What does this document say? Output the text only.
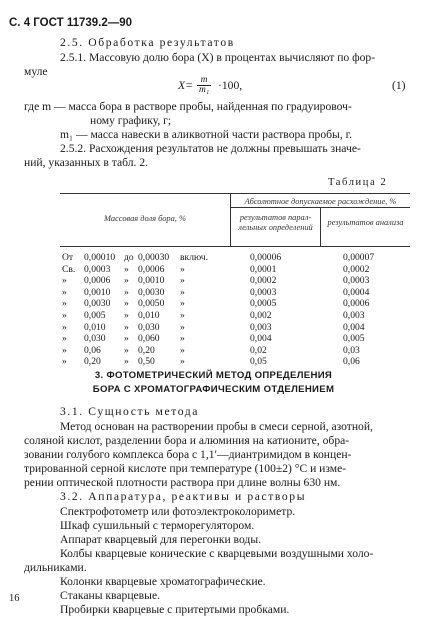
С. 4 ГОСТ 11739.2—90
2.5. Обработка результатов
2.5.1. Массовую долю бора (X) в процентах вычисляют по фор-
муле
$X= \frac{m}{\text{m₁}} \cdot 100$,	(1)
где m — масса бора в растворе пробы, найденная по градуировоч-
ному графику, г;
m₁ — масса навески в аликвотной части раствора пробы, г.
2.5.2. Расхождения результатов не должны превышать значе-
ний, указанных в табл. 2.
Таблица 2
Массовая доля бора, %
Абсолютное допускаемое расхождение, %
результатов парал-
лельных определений
результатов анализа
От 0,00010 до 0,00030 включ.	0,00006	0,00007
Св. 0,0003 » 0,0006 »	0,0001	0,0002
» 0,0006 » 0,0010 »	0,0002	0,0003
» 0,0010 » 0,0030 »	0,0003	0,0004
» 0,0030 » 0,0050 »	0,0005	0,0006
» 0,005 » 0,010 »	0,002	0,003
» 0,010 » 0,030 »	0,003	0,004
» 0,030 » 0,060 »	0,004	0,005
» 0,06 » 0,20	»	0,02	0,03
» 0,20 » 0,50	»	0,05	0,06
3. ФОТОМЕТРИЧЕСКИЙ МЕТОД ОПРЕДЕЛЕНИЯ
БОРА С ХРОМАТОГРАФИЧЕСКИМ ОТДЕЛЕНИЕМ
3.1. Сущность метода
Метод основан на растворении пробы в смеси серной, азотной,
соляной кислот, разделении бора и алюминия на катионите, обра-
зовании голубого комплекса бора с 1,1′—диантримидом в концен-
трированной серной кислоте при температуре (100±2) °C и изме-
рении оптической плотности раствора при длине волны 630 нм.
3.2. Аппаратура, реактивы и растворы
Спектрофотометр или фотоэлектроколориметр.
Шкаф сушильный с терморегулятором.
Аппарат кварцевый для перегонки воды.
Колбы кварцевые конические с кварцевыми воздушными холо-
дильниками.
Колонки кварцевые хроматографические.
Стаканы кварцевые.
Пробирки кварцевые с притертыми пробками.
16
